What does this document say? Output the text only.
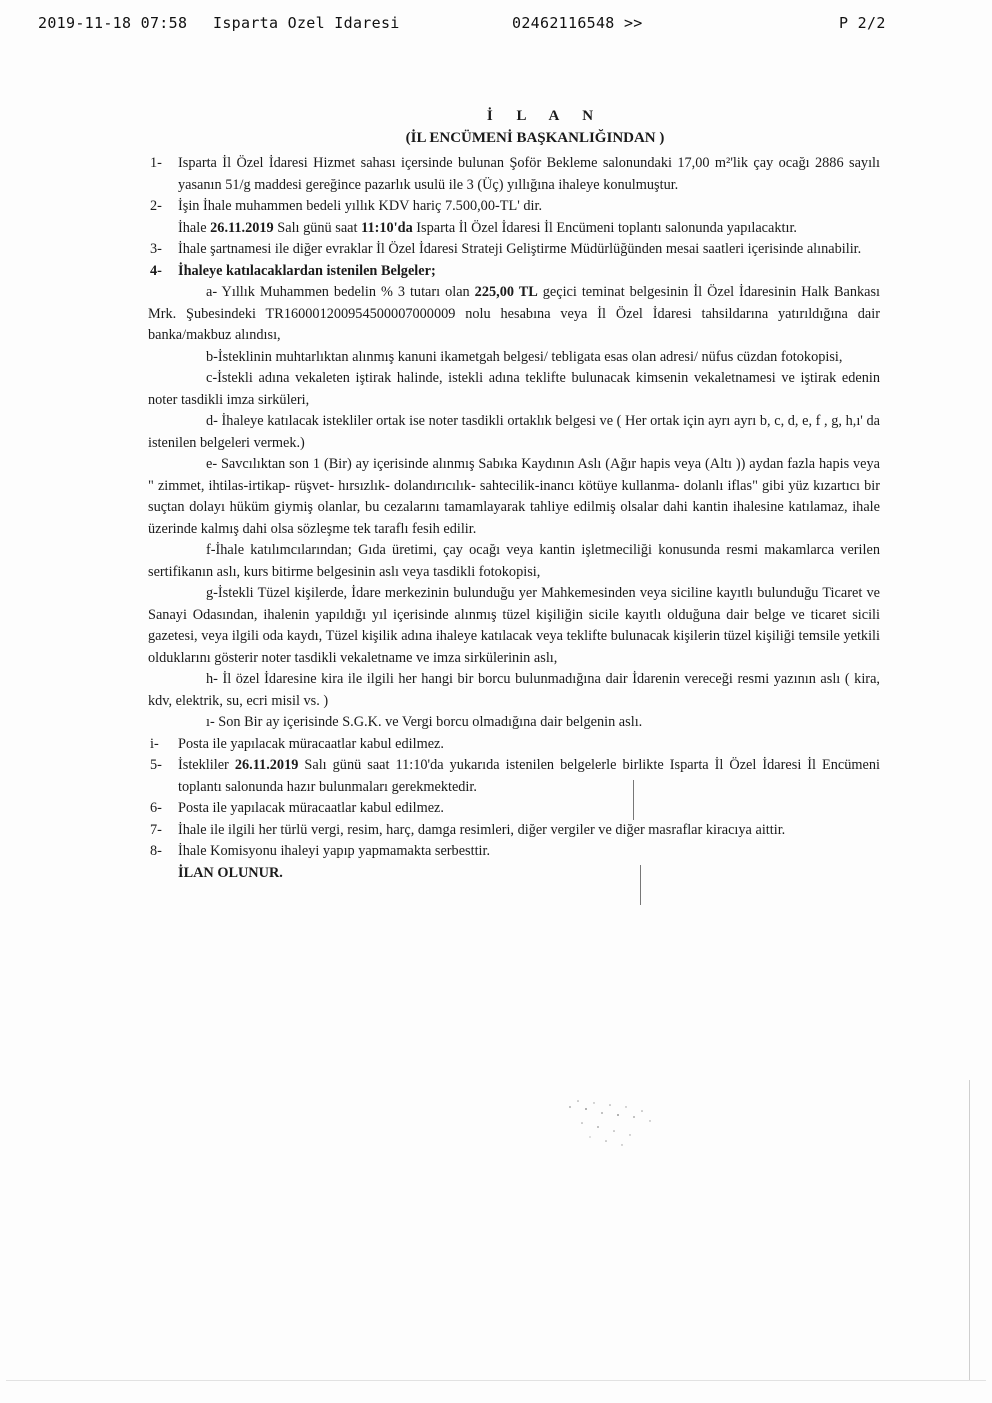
2019-11-18 07:58 Isparta Ozel Idaresi	02462116548 >>	P 2/2
İ L A N
(İL ENCÜMENİ BAŞKANLIĞINDAN )
1- Isparta İl Özel İdaresi Hizmet sahası içersinde bulunan Şoför Bekleme salonundaki 17,00 m²'lik çay ocağı 2886 sayılı yasanın 51/g maddesi gereğince pazarlık usulü ile 3 (Üç) yıllığına ihaleye konulmuştur.
2- İşin İhale muhammen bedeli yıllık KDV hariç 7.500,00-TL' dir.
İhale 26.11.2019 Salı günü saat 11:10'da Isparta İl Özel İdaresi İl Encümeni toplantı salonunda yapılacaktır.
3- İhale şartnamesi ile diğer evraklar İl Özel İdaresi Strateji Geliştirme Müdürlüğünden mesai saatleri içerisinde alınabilir.
4- İhaleye katılacaklardan istenilen Belgeler;
a- Yıllık Muhammen bedelin % 3 tutarı olan 225,00 TL geçici teminat belgesinin İl Özel İdaresinin Halk Bankası Mrk. Şubesindeki TR160001200954500007000009 nolu hesabına veya İl Özel İdaresi tahsildarına yatırıldığına dair banka/makbuz alındısı,
b-İsteklinin muhtarlıktan alınmış kanuni ikametgah belgesi/ tebligata esas olan adresi/ nüfus cüzdan fotokopisi,
c-İstekli adına vekaleten iştirak halinde, istekli adına teklifte bulunacak kimsenin vekaletnamesi ve iştirak edenin noter tasdikli imza sirküleri,
d- İhaleye katılacak istekliler ortak ise noter tasdikli ortaklık belgesi ve ( Her ortak için ayrı ayrı b, c, d, e, f , g, h,ı' da istenilen belgeleri vermek.)
e- Savcılıktan son 1 (Bir) ay içerisinde alınmış Sabıka Kaydının Aslı (Ağır hapis veya (Altı )) aydan fazla hapis veya " zimmet, ihtilas-irtikap- rüşvet- hırsızlık- dolandırıcılık- sahtecilik-inancı kötüye kullanma- dolanlı iflas" gibi yüz kızartıcı bir suçtan dolayı hüküm giymiş olanlar, bu cezalarını tamamlayarak tahliye edilmiş olsalar dahi kantin ihalesine katılamaz, ihale üzerinde kalmış dahi olsa sözleşme tek taraflı fesih edilir.
f-İhale katılımcılarından; Gıda üretimi, çay ocağı veya kantin işletmeciliği konusunda resmi makamlarca verilen sertifikanın aslı, kurs bitirme belgesinin aslı veya tasdikli fotokopisi,
g-İstekli Tüzel kişilerde, İdare merkezinin bulunduğu yer Mahkemesinden veya siciline kayıtlı bulunduğu Ticaret ve Sanayi Odasından, ihalenin yapıldığı yıl içerisinde alınmış tüzel kişiliğin sicile kayıtlı olduğuna dair belge ve ticaret sicili gazetesi, veya ilgili oda kaydı, Tüzel kişilik adına ihaleye katılacak veya teklifte bulunacak kişilerin tüzel kişiliği temsile yetkili olduklarını gösterir noter tasdikli vekaletname ve imza sirkülerinin aslı,
h- İl özel İdaresine kira ile ilgili her hangi bir borcu bulunmadığına dair İdarenin vereceği resmi yazının aslı ( kira, kdv, elektrik, su, ecri misil vs. )
ı- Son Bir ay içerisinde S.G.K. ve Vergi borcu olmadığına dair belgenin aslı.
i- Posta ile yapılacak müracaatlar kabul edilmez.
5- İstekliler 26.11.2019 Salı günü saat 11:10'da yukarıda istenilen belgelerle birlikte Isparta İl Özel İdaresi İl Encümeni toplantı salonunda hazır bulunmaları gerekmektedir.
6- Posta ile yapılacak müracaatlar kabul edilmez.
7- İhale ile ilgili her türlü vergi, resim, harç, damga resimleri, diğer vergiler ve diğer masraflar kiracıya aittir.
8- İhale Komisyonu ihaleyi yapıp yapmamakta serbesttir.
İLAN OLUNUR.
